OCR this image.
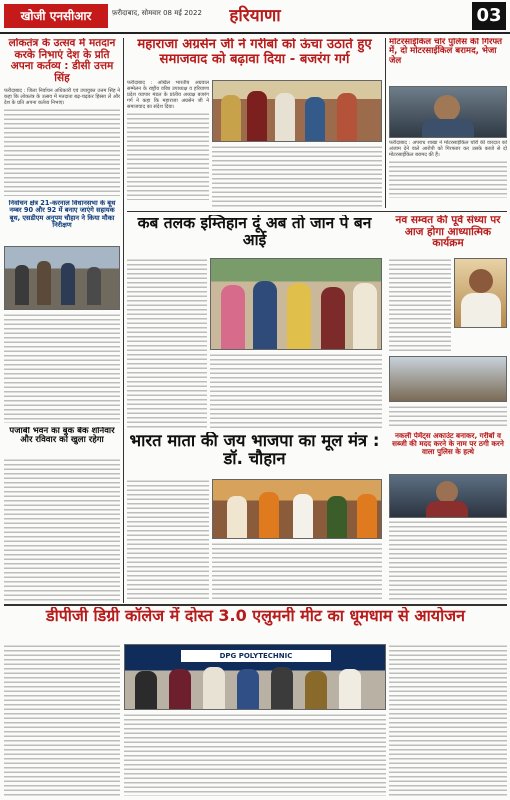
खोजी एनसीआर	फ़रीदाबाद, सोमवार 08 मई 2022	हरियाणा	03
लोकतंत्र के उत्सव में मतदान करके निभाएं देश के प्रति अपना कर्तव्य : डीसी उत्तम सिंह
फरीदाबाद : जिला निर्वाचन अधिकारी एवं उपायुक्त उत्तम सिंह ने कहा कि लोकतंत्र के उत्सव में मतदाता बढ़-चढ़कर हिस्सा लें और देश के प्रति अपना कर्तव्य निभाएं।
निर्वाचन क्षेत्र 21-करनाल विधानसभा के बूथ नम्बर 90 और 92 में बनाए जाएंगे सहायक बूथ, एसडीएम अनुपम चौहान ने किया मौका निरीक्षण
पंजाबी भवन का बुक बैंक शनिवार और रविवार को खुला रहेगा
महाराजा अग्रसेन जी ने गरीबों को ऊंचा उठाते हुए समाजवाद को बढ़ावा दिया - बजरंग गर्ग
फरीदाबाद : अखिल भारतीय अग्रवाल सम्मेलन के राष्ट्रीय वरिष्ठ उपाध्यक्ष व हरियाणा प्रदेश व्यापार मंडल के प्रांतीय अध्यक्ष बजरंग गर्ग ने कहा कि महाराजा अग्रसेन जी ने समाजवाद का संदेश दिया।
मोटरसाईकिल चोर पुलिस की गिरफ्त में, दो मोटरसाईकिल बरामद, भेजा जेल
फरीदाबाद : अपराध शाखा ने मोटरसाईकिल चोरी की वारदात को अंजाम देने वाले आरोपी को गिरफ्तार कर उसके कब्जे से दो मोटरसाईकिल बरामद की हैं।
कब तलक इम्तिहान दूं अब तो जान पे बन आई
नव सम्वत की पूर्व संध्या पर आज होगा आध्यात्मिक कार्यक्रम
भारत माता की जय भाजपा का मूल मंत्र : डॉ. चौहान
नकली पेमेंट्स अकाउंट बनाकर, गरीबों व सब्जी की मदद करने के नाम पर ठगी करने वाला पुलिस के हत्थे
डीपीजी डिग्री कॉलेज में दोस्त 3.0 एलुमनी मीट का धूमधाम से आयोजन
DPG POLYTECHNIC
